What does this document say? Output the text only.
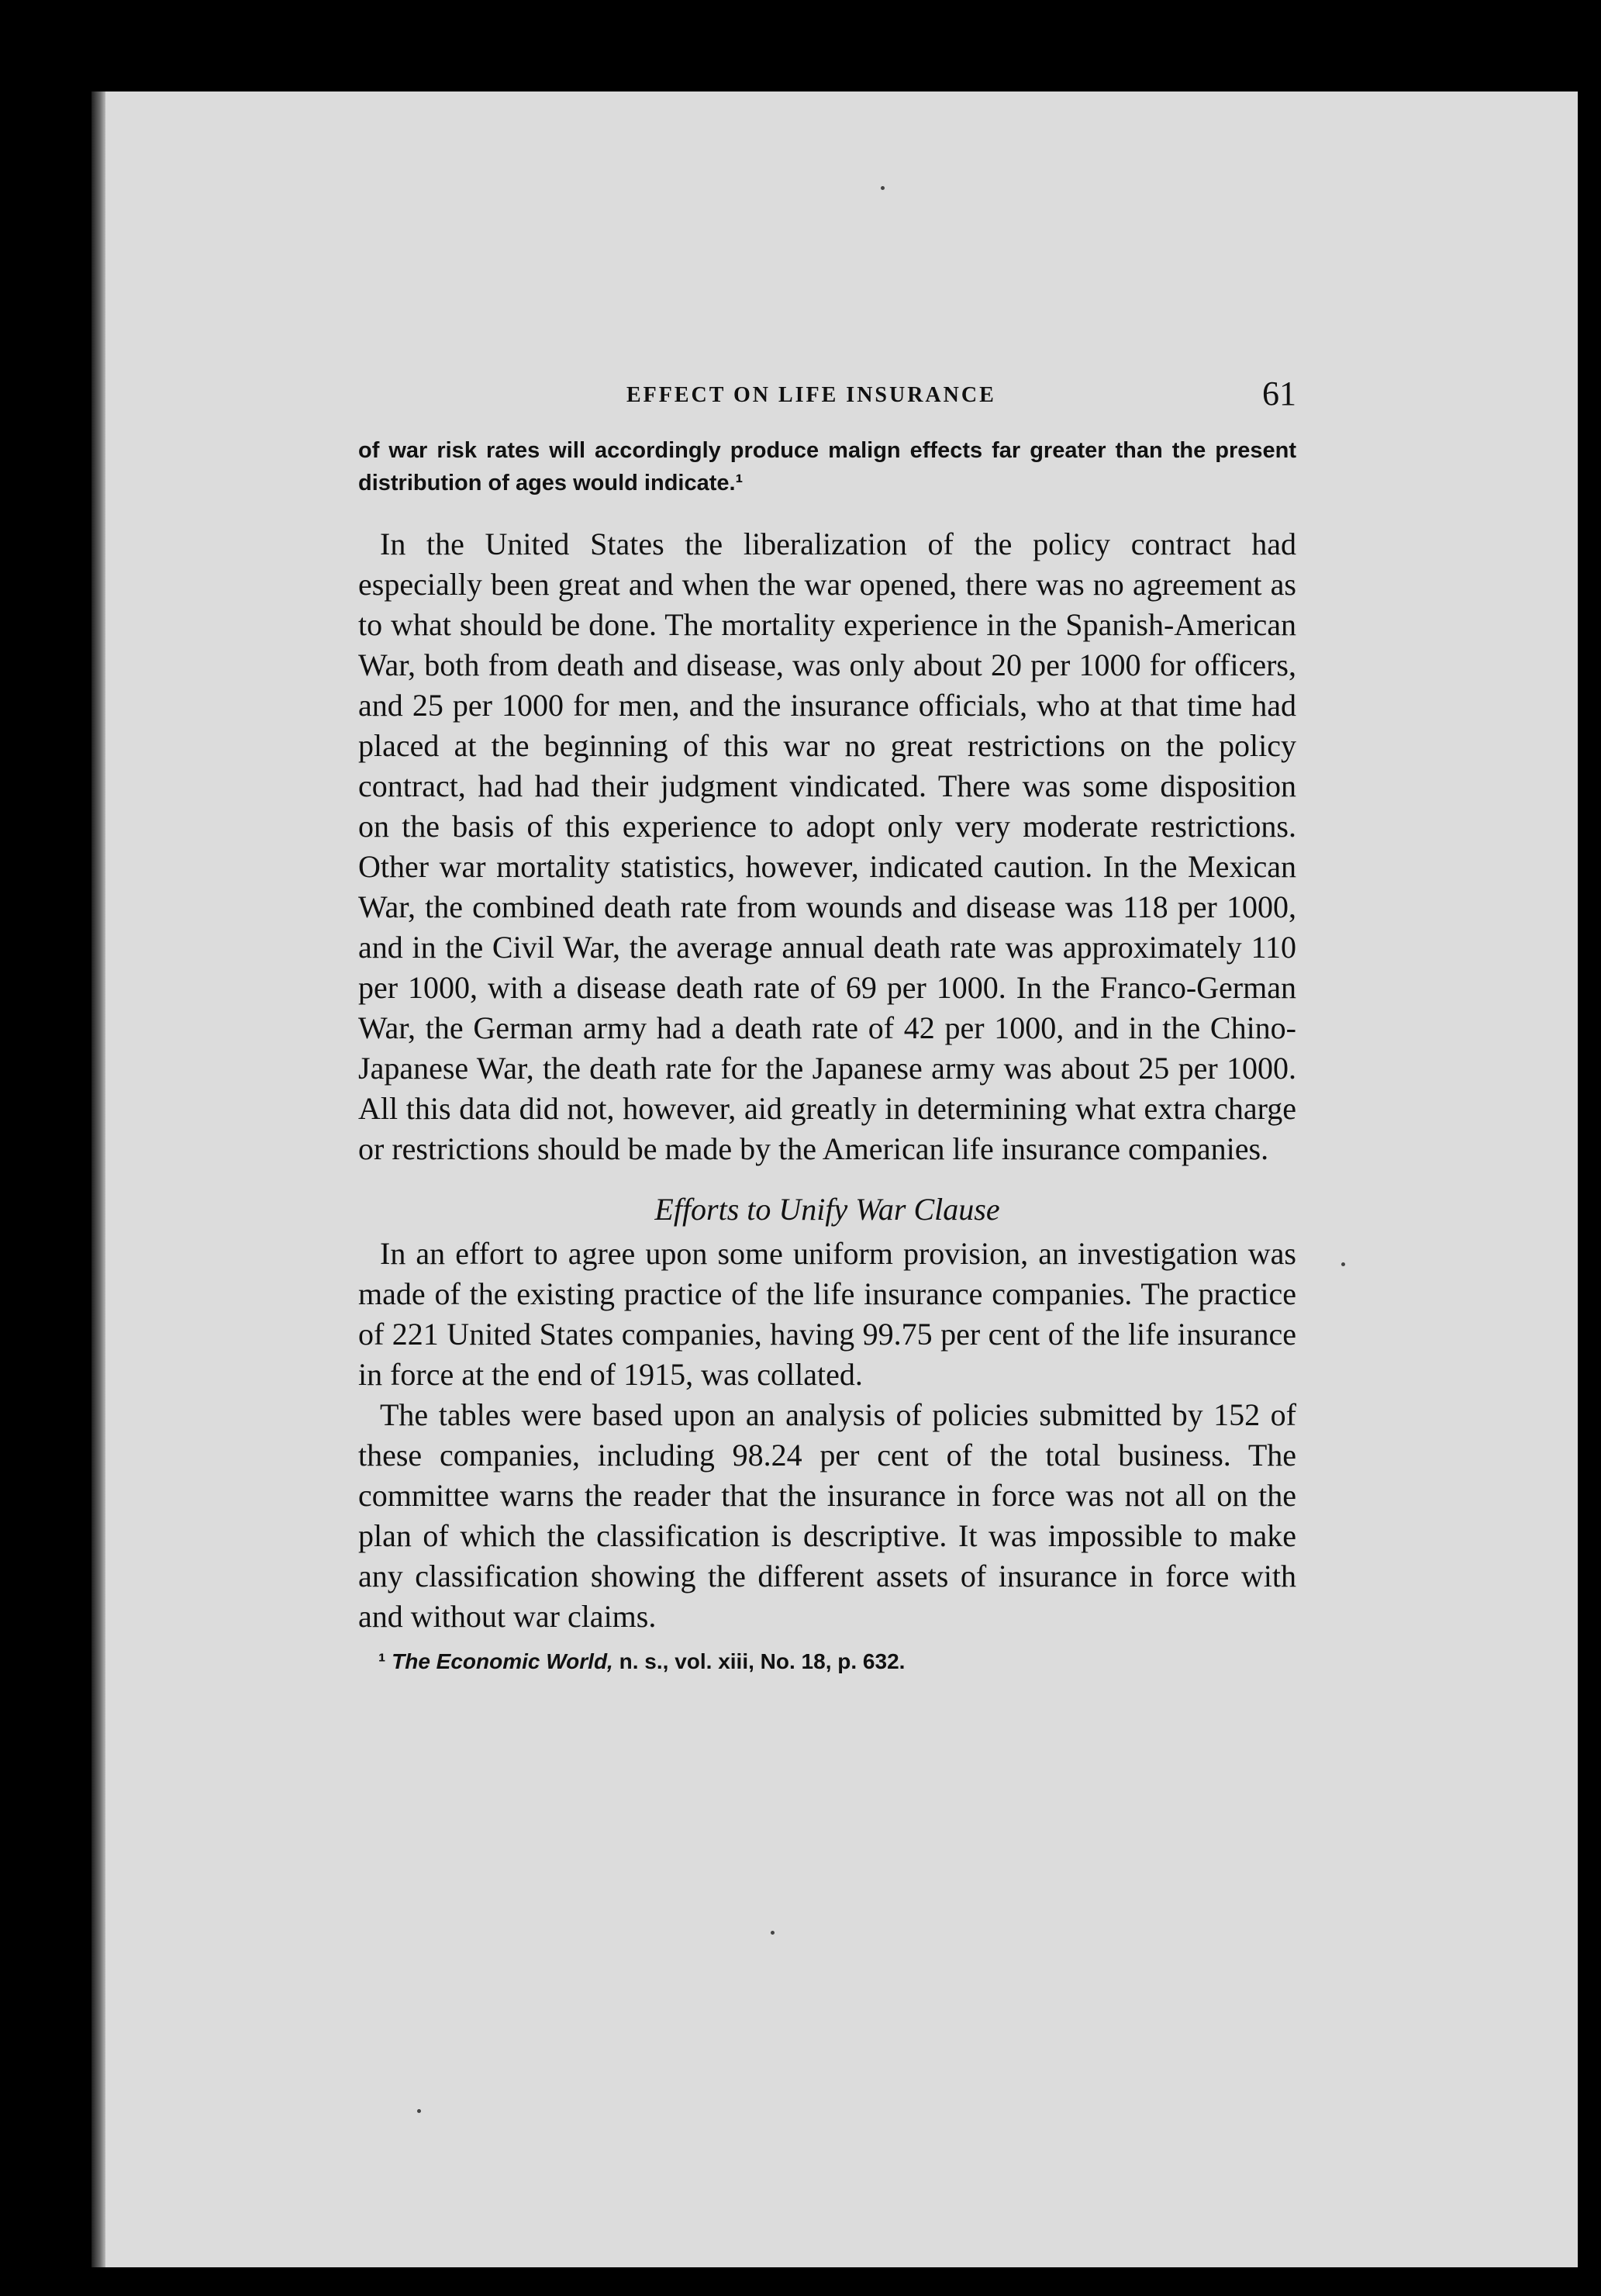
EFFECT ON LIFE INSURANCE	61

of war risk rates will accordingly produce malign effects far greater than the present distribution of ages would indicate.¹

In the United States the liberalization of the policy contract had especially been great and when the war opened, there was no agreement as to what should be done. The mortality experience in the Spanish-American War, both from death and disease, was only about 20 per 1000 for officers, and 25 per 1000 for men, and the insurance officials, who at that time had placed at the beginning of this war no great restrictions on the policy contract, had had their judgment vindicated. There was some disposition on the basis of this experience to adopt only very moderate restrictions. Other war mortality statistics, however, indicated caution. In the Mexican War, the combined death rate from wounds and disease was 118 per 1000, and in the Civil War, the average annual death rate was approximately 110 per 1000, with a disease death rate of 69 per 1000. In the Franco-German War, the German army had a death rate of 42 per 1000, and in the Chino-Japanese War, the death rate for the Japanese army was about 25 per 1000. All this data did not, however, aid greatly in determining what extra charge or restrictions should be made by the American life insurance companies.

Efforts to Unify War Clause

In an effort to agree upon some uniform provision, an investigation was made of the existing practice of the life insurance companies. The practice of 221 United States companies, having 99.75 per cent of the life insurance in force at the end of 1915, was collated.

The tables were based upon an analysis of policies submitted by 152 of these companies, including 98.24 per cent of the total business. The committee warns the reader that the insurance in force was not all on the plan of which the classification is descriptive. It was impossible to make any classification showing the different assets of insurance in force with and without war claims.

¹ The Economic World, n. s., vol. xiii, No. 18, p. 632.
